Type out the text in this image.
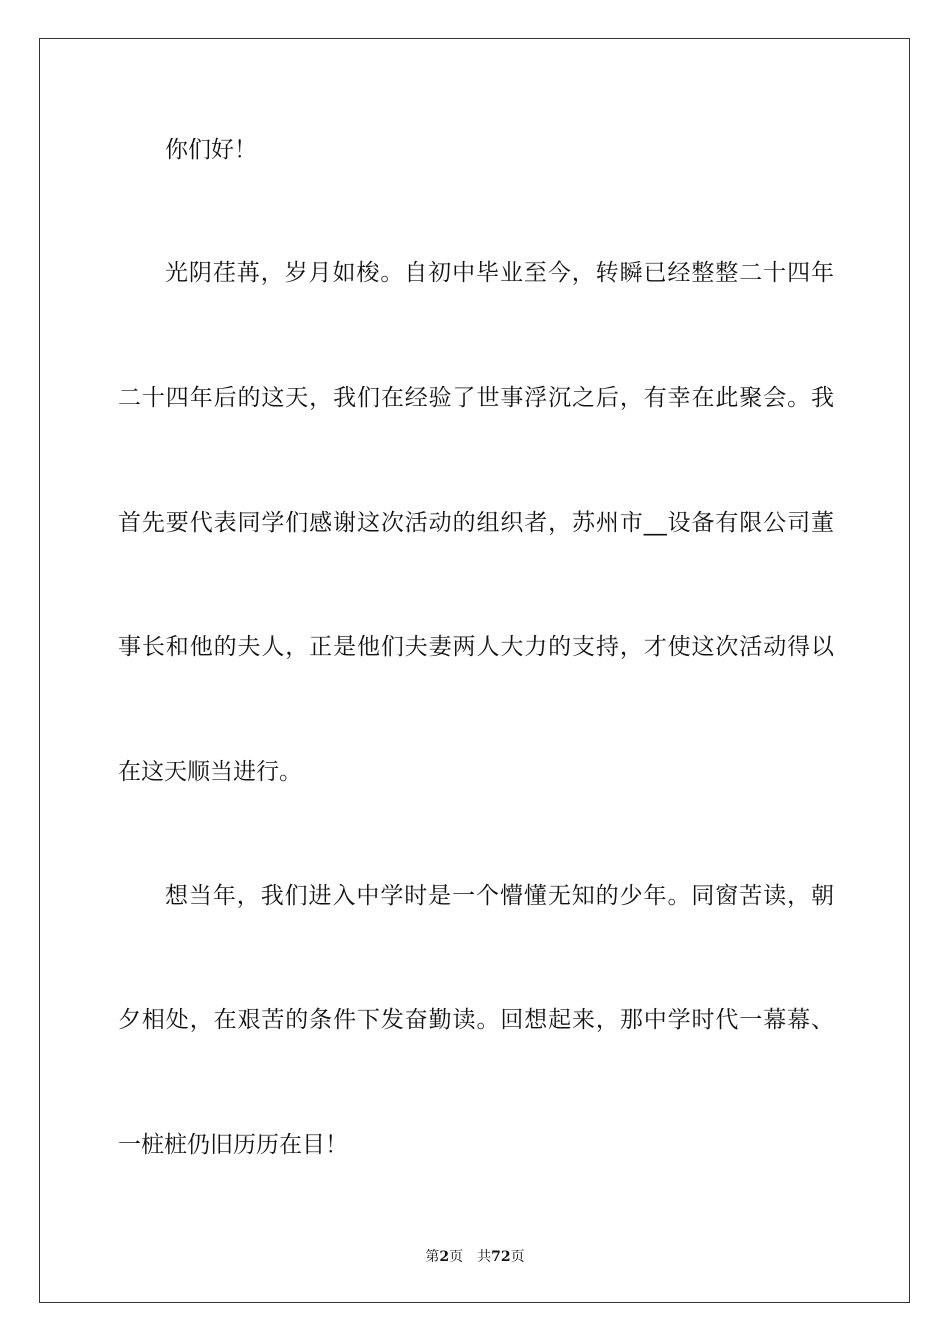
你们好！
光阴荏苒，岁月如梭。自初中毕业至今，转瞬已经整整二十四年
二十四年后的这天，我们在经验了世事浮沉之后，有幸在此聚会。我
首先要代表同学们感谢这次活动的组织者，苏州市__设备有限公司董
事长和他的夫人，正是他们夫妻两人大力的支持，才使这次活动得以
在这天顺当进行。
想当年，我们进入中学时是一个懵懂无知的少年。同窗苦读，朝
夕相处，在艰苦的条件下发奋勤读。回想起来，那中学时代一幕幕、
一桩桩仍旧历历在目！
第2页 共72页
